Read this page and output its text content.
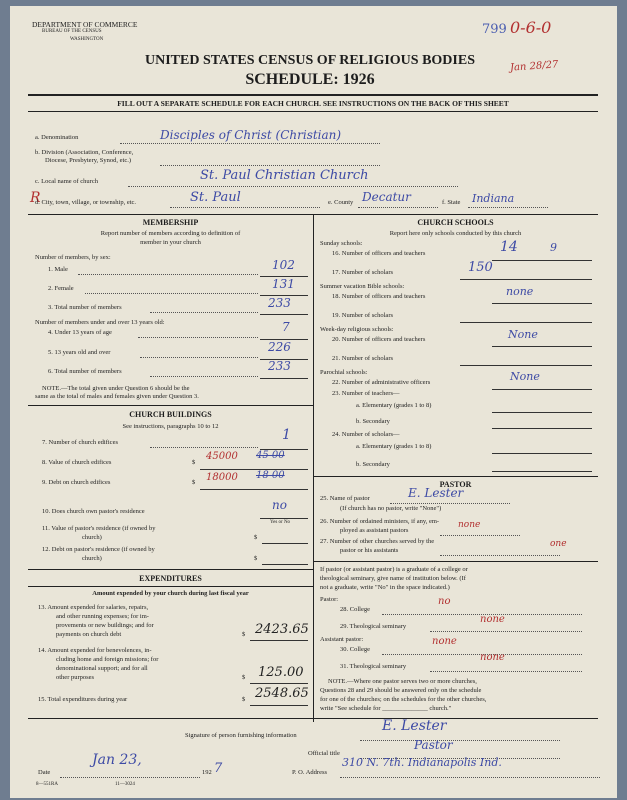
DEPARTMENT OF COMMERCE
BUREAU OF THE CENSUS
WASHINGTON
799 0-6-0
Jan 28/27
UNITED STATES CENSUS OF RELIGIOUS BODIES
SCHEDULE: 1926
FILL OUT A SEPARATE SCHEDULE FOR EACH CHURCH. SEE INSTRUCTIONS ON THE BACK OF THIS SHEET
a. Denomination	Disciples of Christ (Christian)
b. Division (Association, Conference,
Diocese, Presbytery, Synod, etc.)
c. Local name of church	St. Paul Christian Church
R
d. City, town, village, or township, etc.	St. Paul	e. County Decatur	f. State Indiana
MEMBERSHIP
Report number of members according to definition of
member in your church
Number of members, by sex:
1. Male	102
2. Female	131
3. Total number of members	233
Number of members under and over 13 years old:
4. Under 13 years of age	7
5. 13 years old and over	226
6. Total number of members	233
NOTE.—The total given under Question 6 should be the
same as the total of males and females given under Question 3.
CHURCH BUILDINGS
See instructions, paragraphs 10 to 12
7. Number of church edifices	1
8. Value of church edifices	$
45000 45 00
9. Debt on church edifices	$ 18000 18 00
10. Does church own pastor's residence	no
Yes or No
11. Value of pastor's residence (if owned by
church)	$
12. Debt on pastor's residence (if owned by
church)	$
EXPENDITURES
Amount expended by your church during last fiscal year
13. Amount expended for salaries, repairs,
and other running expenses; for im-
provements or new buildings; and for
payments on church debt	$ 2423.65
14. Amount expended for benevolences, in-
cluding home and foreign missions; for
denominational support; and for all
other purposes	$ 125.00
15. Total expenditures during year	$ 2548.65
CHURCH SCHOOLS
Report here only schools conducted by this church
Sunday schools:
16. Number of officers and teachers	14	9
17. Number of scholars	150
Summer vacation Bible schools:
18. Number of officers and teachers	none
19. Number of scholars
Week-day religious schools:
20. Number of officers and teachers	None
21. Number of scholars
Parochial schools:
22. Number of administrative officers	None
23. Number of teachers—
a. Elementary (grades 1 to 8)
b. Secondary
24. Number of scholars—
a. Elementary (grades 1 to 8)
b. Secondary
PASTOR
25. Name of pastor	E. Lester
(If church has no pastor, write "None")
26. Number of ordained ministers, if any, em-
ployed as assistant pastors
none
27. Number of other churches served by the
pastor or his assistants
one
If pastor (or assistant pastor) is a graduate of a college or
theological seminary, give name of institution below. (If
not a graduate, write "No" in the space indicated.)
Pastor:
28. College
no
29. Theological seminary
none
Assistant pastor:
30. College
none
31. Theological seminary
none
NOTE.—Where one pastor serves two or more churches,
Questions 28 and 29 should be answered only on the schedule
for one of the churches; on the schedules for the other churches,
write "See schedule for ______________ church."
Signature of person furnishing information
E. Lester
Official title
Pastor
Date
Jan 23,
192 7	P. O. Address
310 N. 7th. Indianapolis Ind.
8—551RA	11—3024
